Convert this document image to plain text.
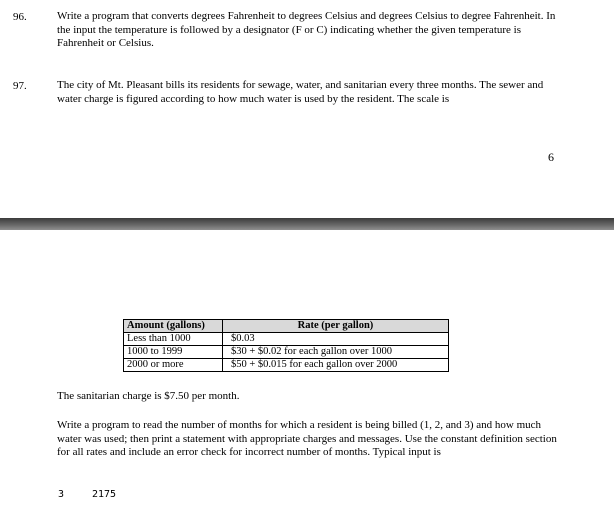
96.	Write a program that converts degrees Fahrenheit to degrees Celsius and degrees Celsius to degree Fahrenheit. In the input the temperature is followed by a designator (F or C) indicating whether the given temperature is Fahrenheit or Celsius.
97.	The city of Mt. Pleasant bills its residents for sewage, water, and sanitarian every three months. The sewer and water charge is figured according to how much water is used by the resident. The scale is
6
Amount (gallons)	Rate (per gallon)
Less than 1000	$0.03
1000 to 1999	$30 + $0.02 for each gallon over 1000
2000 or more	$50 + $0.015 for each gallon over 2000
The sanitarian charge is $7.50 per month.
Write a program to read the number of months for which a resident is being billed (1, 2, and 3) and how much water was used; then print a statement with appropriate charges and messages. Use the constant definition section for all rates and include an error check for incorrect number of months. Typical input is
3	2175
